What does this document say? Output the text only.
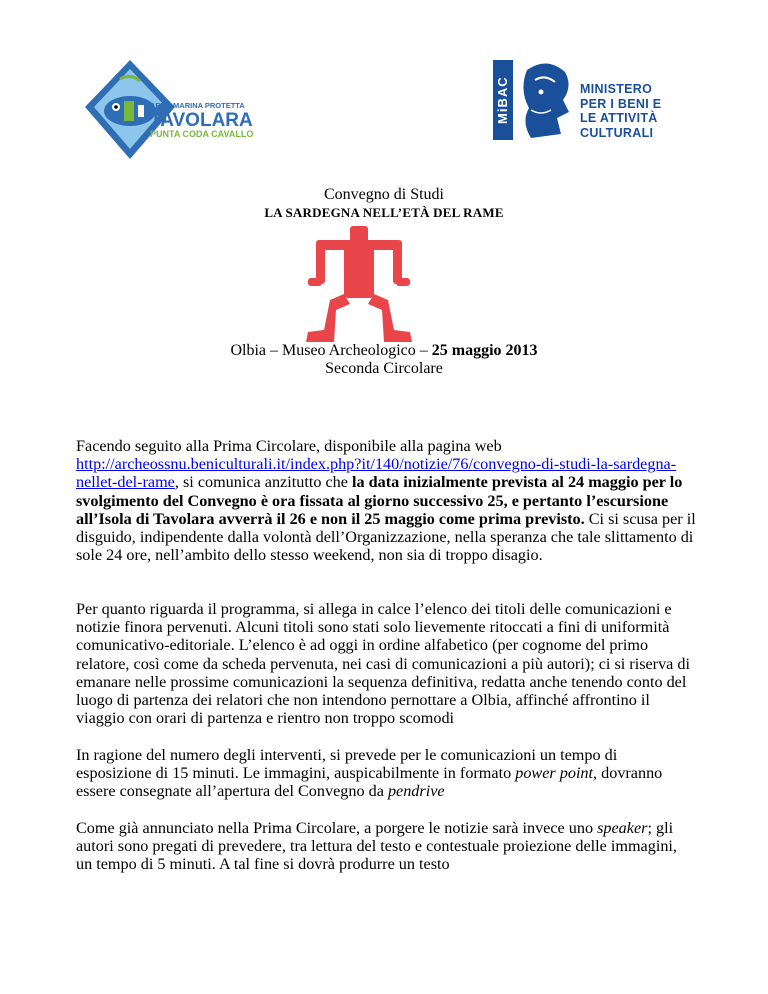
AREA MARINA PROTETTA
TAVOLARA
PUNTA CODA CAVALLO
MiBAC	MINISTERO
PER I BENI E
LE ATTIVITÀ
CULTURALI
Convegno di Studi
LA SARDEGNA NELL’ETÀ DEL RAME
Olbia – Museo Archeologico – 25 maggio 2013
Seconda Circolare

Facendo seguito alla Prima Circolare, disponibile alla pagina web http://archeossnu.beniculturali.it/index.php?it/140/notizie/76/convegno-di-studi-la-sardegna-nellet-del-rame, si comunica anzitutto che la data inizialmente prevista al 24 maggio per lo svolgimento del Convegno è ora fissata al giorno successivo 25, e pertanto l’escursione all’Isola di Tavolara avverrà il 26 e non il 25 maggio come prima previsto. Ci si scusa per il disguido, indipendente dalla volontà dell’Organizzazione, nella speranza che tale slittamento di sole 24 ore, nell’ambito dello stesso weekend, non sia di troppo disagio.

Per quanto riguarda il programma, si allega in calce l’elenco dei titoli delle comunicazioni e notizie finora pervenuti. Alcuni titoli sono stati solo lievemente ritoccati a fini di uniformità comunicativo-editoriale. L’elenco è ad oggi in ordine alfabetico (per cognome del primo relatore, così come da scheda pervenuta, nei casi di comunicazioni a più autori); ci si riserva di emanare nelle prossime comunicazioni la sequenza definitiva, redatta anche tenendo conto del luogo di partenza dei relatori che non intendono pernottare a Olbia, affinché affrontino il viaggio con orari di partenza e rientro non troppo scomodi

In ragione del numero degli interventi, si prevede per le comunicazioni un tempo di esposizione di 15 minuti. Le immagini, auspicabilmente in formato power point, dovranno essere consegnate all’apertura del Convegno da pendrive

Come già annunciato nella Prima Circolare, a porgere le notizie sarà invece uno speaker; gli autori sono pregati di prevedere, tra lettura del testo e contestuale proiezione delle immagini, un tempo di 5 minuti. A tal fine si dovrà produrre un testo
